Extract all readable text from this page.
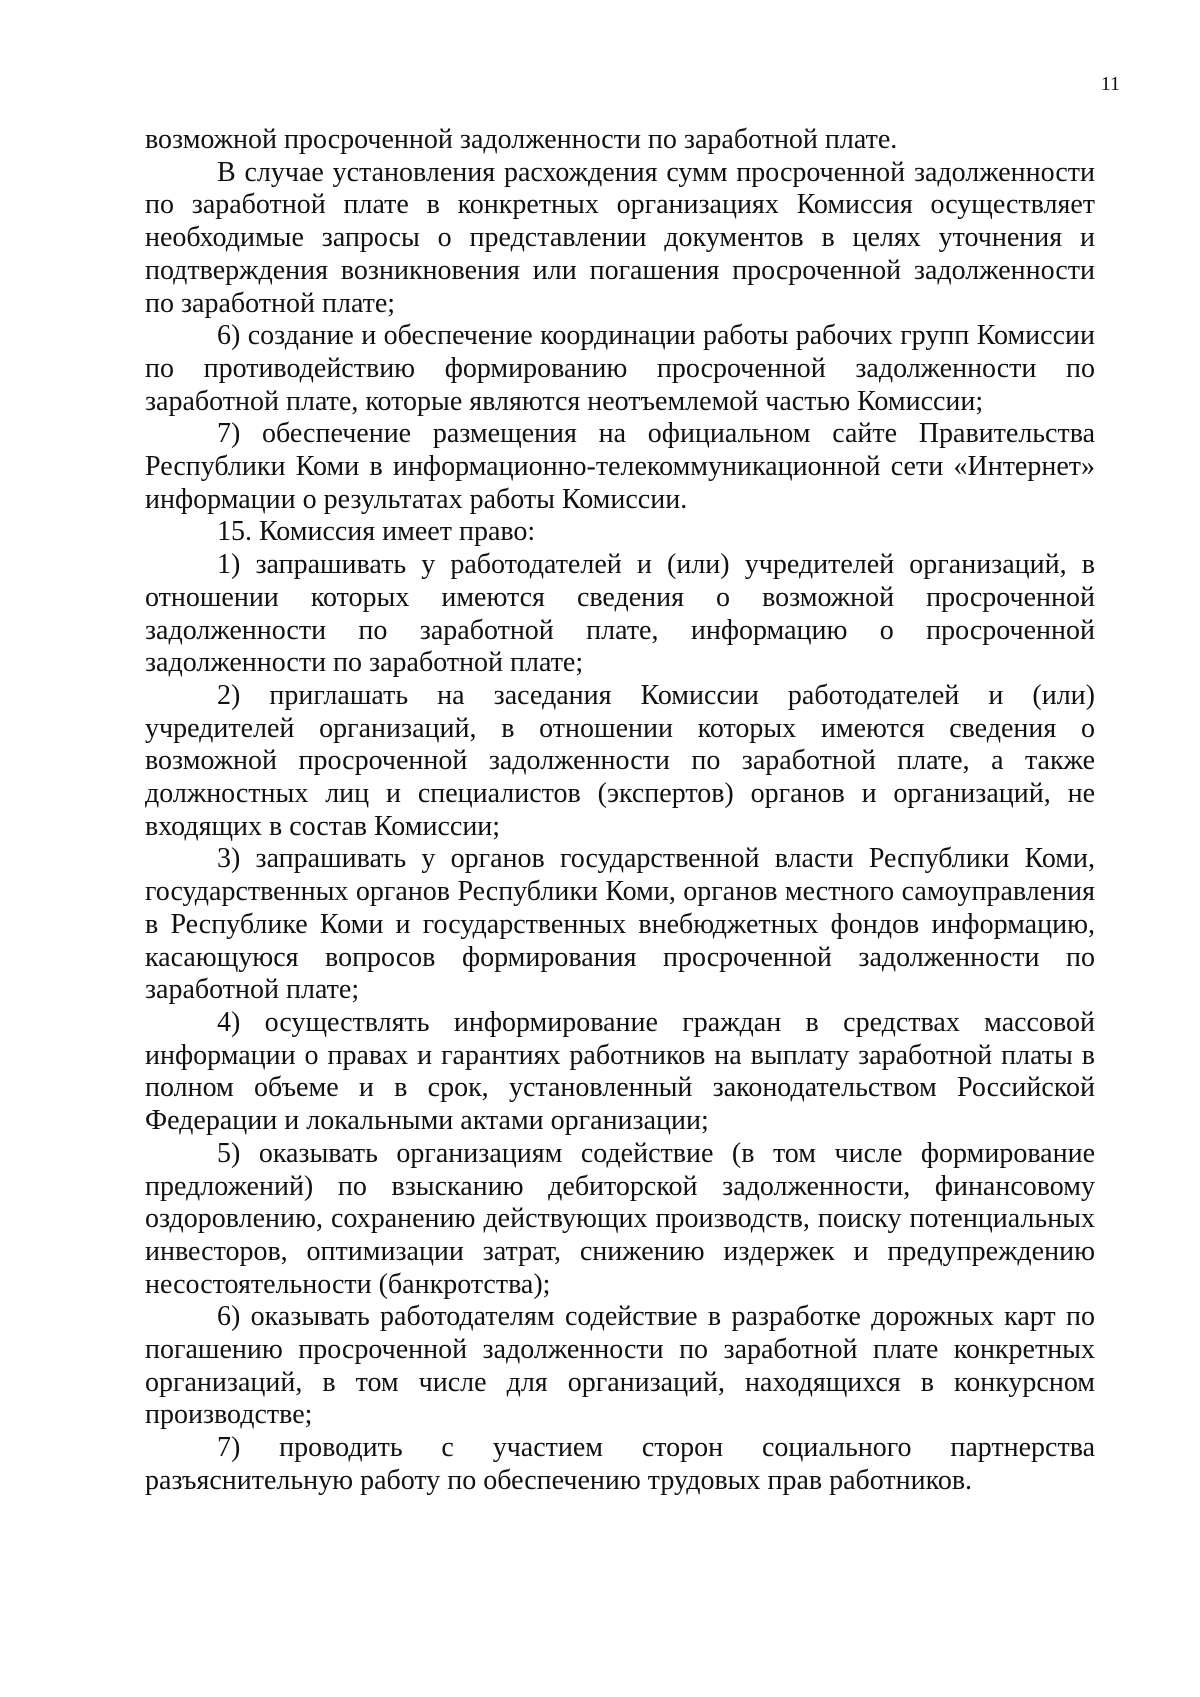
11

возможной просроченной задолженности по заработной плате.

В случае установления расхождения сумм просроченной задолженности по заработной плате в конкретных организациях Комиссия осуществляет необходимые запросы о представлении документов в целях уточнения и подтверждения возникновения или погашения просроченной задолженности по заработной плате;

6) создание и обеспечение координации работы рабочих групп Комиссии по противодействию формированию просроченной задолженности по заработной плате, которые являются неотъемлемой частью Комиссии;

7) обеспечение размещения на официальном сайте Правительства Республики Коми в информационно-телекоммуникационной сети «Интернет» информации о результатах работы Комиссии.

15. Комиссия имеет право:

1) запрашивать у работодателей и (или) учредителей организаций, в отношении которых имеются сведения о возможной просроченной задолженности по заработной плате, информацию о просроченной задолженности по заработной плате;

2) приглашать на заседания Комиссии работодателей и (или) учредителей организаций, в отношении которых имеются сведения о возможной просроченной задолженности по заработной плате, а также должностных лиц и специалистов (экспертов) органов и организаций, не входящих в состав Комиссии;

3) запрашивать у органов государственной власти Республики Коми, государственных органов Республики Коми, органов местного самоуправления в Республике Коми и государственных внебюджетных фондов информацию, касающуюся вопросов формирования просроченной задолженности по заработной плате;

4) осуществлять информирование граждан в средствах массовой информации о правах и гарантиях работников на выплату заработной платы в полном объеме и в срок, установленный законодательством Российской Федерации и локальными актами организации;

5) оказывать организациям содействие (в том числе формирование предложений) по взысканию дебиторской задолженности, финансовому оздоровлению, сохранению действующих производств, поиску потенциальных инвесторов, оптимизации затрат, снижению издержек и предупреждению несостоятельности (банкротства);

6) оказывать работодателям содействие в разработке дорожных карт по погашению просроченной задолженности по заработной плате конкретных организаций, в том числе для организаций, находящихся в конкурсном производстве;

7) проводить с участием сторон социального партнерства разъяснительную работу по обеспечению трудовых прав работников.
